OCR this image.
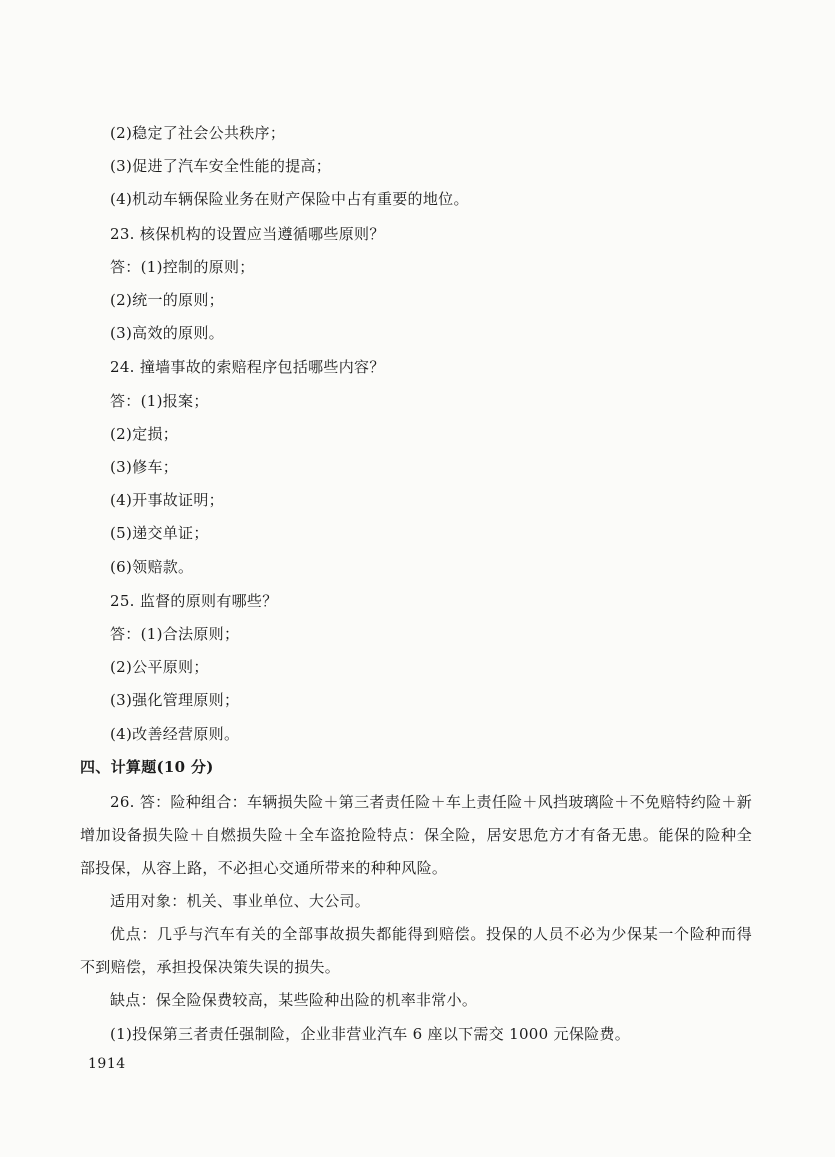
(2)稳定了社会公共秩序；
(3)促进了汽车安全性能的提高；
(4)机动车辆保险业务在财产保险中占有重要的地位。
23. 核保机构的设置应当遵循哪些原则？
答：(1)控制的原则；
(2)统一的原则；
(3)高效的原则。
24. 撞墙事故的索赔程序包括哪些内容？
答：(1)报案；
(2)定损；
(3)修车；
(4)开事故证明；
(5)递交单证；
(6)领赔款。
25. 监督的原则有哪些？
答：(1)合法原则；
(2)公平原则；
(3)强化管理原则；
(4)改善经营原则。
四、计算题(10 分)
26. 答：险种组合：车辆损失险＋第三者责任险＋车上责任险＋风挡玻璃险＋不免赔特约险＋新增加设备损失险＋自燃损失险＋全车盗抢险特点：保全险，居安思危方才有备无患。能保的险种全部投保，从容上路，不必担心交通所带来的种种风险。
适用对象：机关、事业单位、大公司。
优点：几乎与汽车有关的全部事故损失都能得到赔偿。投保的人员不必为少保某一个险种而得不到赔偿，承担投保决策失误的损失。
缺点：保全险保费较高，某些险种出险的机率非常小。
(1)投保第三者责任强制险，企业非营业汽车 6 座以下需交 1000 元保险费。
1914
